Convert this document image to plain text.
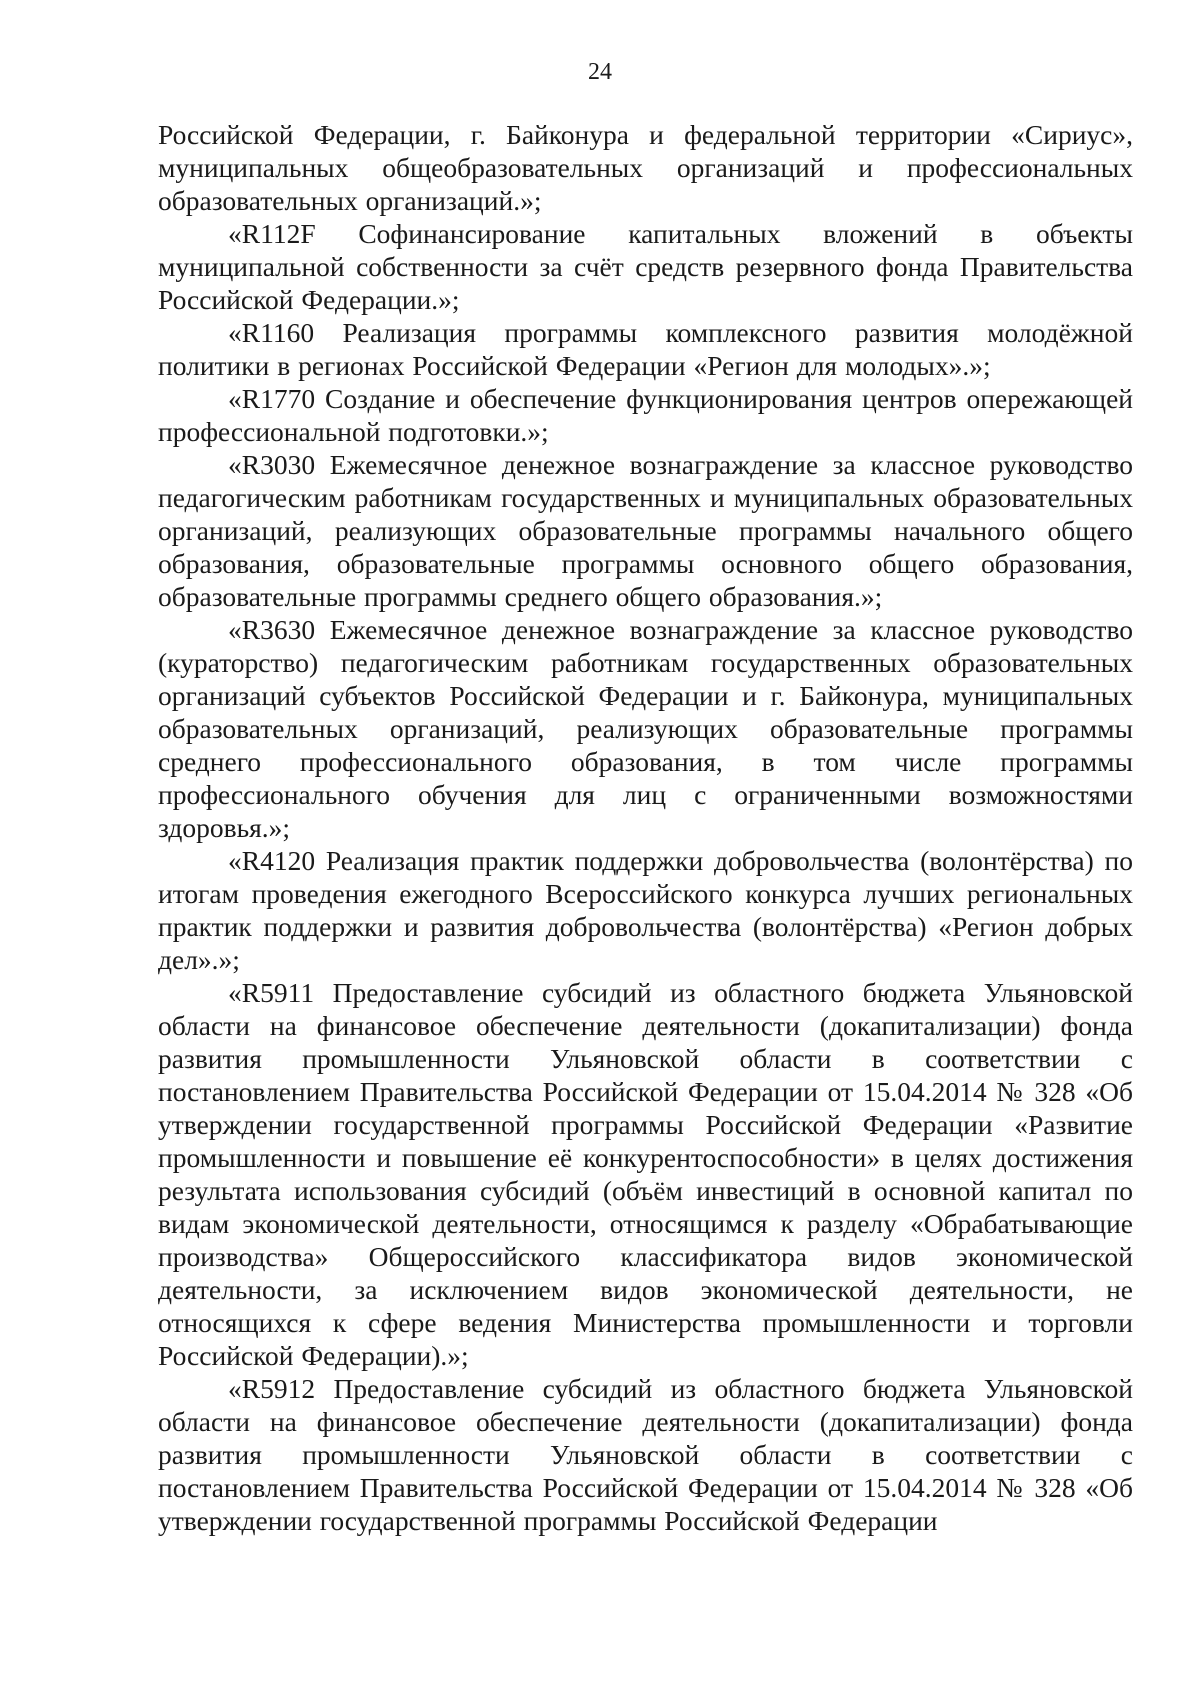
24

Российской Федерации, г. Байконура и федеральной территории «Сириус», муниципальных общеобразовательных организаций и профессиональных образовательных организаций.»;

«R112F Софинансирование капитальных вложений в объекты муниципальной собственности за счёт средств резервного фонда Правительства Российской Федерации.»;

«R1160 Реализация программы комплексного развития молодёжной политики в регионах Российской Федерации «Регион для молодых».»;

«R1770 Создание и обеспечение функционирования центров опережающей профессиональной подготовки.»;

«R3030 Ежемесячное денежное вознаграждение за классное руководство педагогическим работникам государственных и муниципальных образовательных организаций, реализующих образовательные программы начального общего образования, образовательные программы основного общего образования, образовательные программы среднего общего образования.»;

«R3630 Ежемесячное денежное вознаграждение за классное руководство (кураторство) педагогическим работникам государственных образовательных организаций субъектов Российской Федерации и г. Байконура, муниципальных образовательных организаций, реализующих образовательные программы среднего профессионального образования, в том числе программы профессионального обучения для лиц с ограниченными возможностями здоровья.»;

«R4120 Реализация практик поддержки добровольчества (волонтёрства) по итогам проведения ежегодного Всероссийского конкурса лучших региональных практик поддержки и развития добровольчества (волонтёрства) «Регион добрых дел».»;

«R5911 Предоставление субсидий из областного бюджета Ульяновской области на финансовое обеспечение деятельности (докапитализации) фонда развития промышленности Ульяновской области в соответствии с постановлением Правительства Российской Федерации от 15.04.2014 № 328 «Об утверждении государственной программы Российской Федерации «Развитие промышленности и повышение её конкурентоспособности» в целях достижения результата использования субсидий (объём инвестиций в основной капитал по видам экономической деятельности, относящимся к разделу «Обрабатывающие производства» Общероссийского классификатора видов экономической деятельности, за исключением видов экономической деятельности, не относящихся к сфере ведения Министерства промышленности и торговли Российской Федерации).»;

«R5912 Предоставление субсидий из областного бюджета Ульяновской области на финансовое обеспечение деятельности (докапитализации) фонда развития промышленности Ульяновской области в соответствии с постановлением Правительства Российской Федерации от 15.04.2014 № 328 «Об утверждении государственной программы Российской Федерации
